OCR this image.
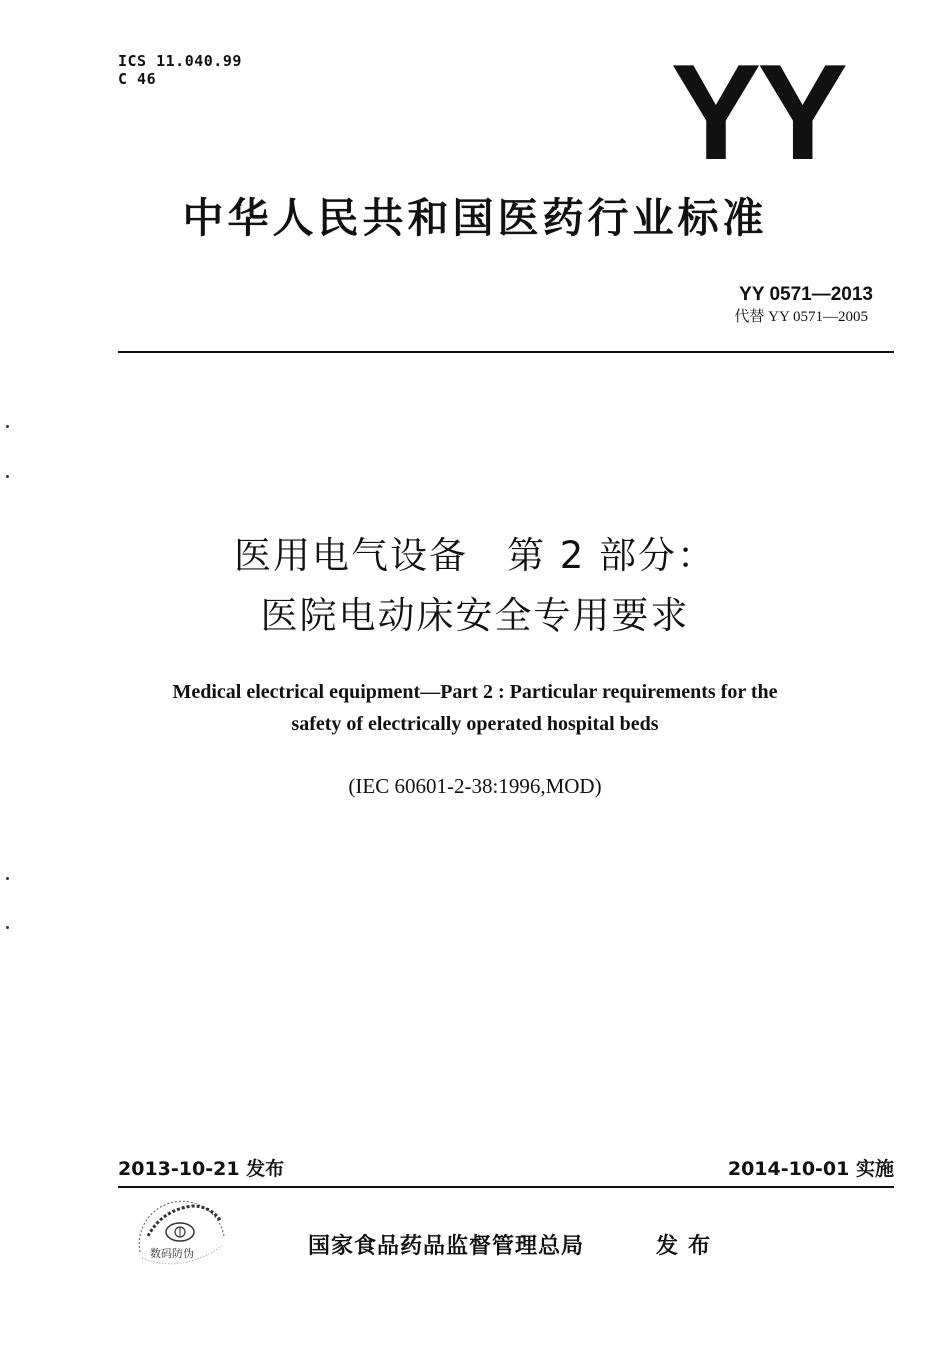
ICS 11.040.99
C 46	YY
中华人民共和国医药行业标准
YY 0571—2013
代替 YY 0571—2005
医用电气设备　第 2 部分：
医院电动床安全专用要求
Medical electrical equipment—Part 2 : Particular requirements for the
safety of electrically operated hospital beds
(IEC 60601-2-38:1996,MOD)
2013-10-21 发布	2014-10-01 实施
数码防伪	国家食品药品监督管理总局	发布
